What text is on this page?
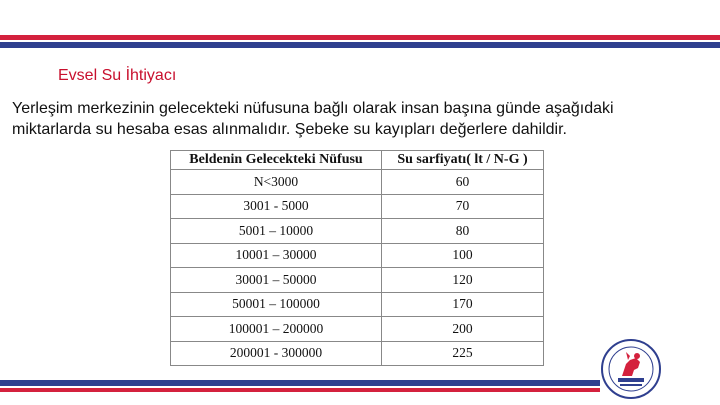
Evsel Su İhtiyacı
Yerleşim merkezinin gelecekteki nüfusuna bağlı olarak insan başına günde aşağıdaki
miktarlarda su hesaba esas alınmalıdır. Şebeke su kayıpları değerlere dahildir.
Beldenin Gelecekteki Nüfusu	Su sarfiyatı( lt / N-G )
N<3000	60
3001 - 5000	70
5001 – 10000	80
10001 – 30000	100
30001 – 50000	120
50001 – 100000	170
100001 – 200000	200
200001 - 300000	225
